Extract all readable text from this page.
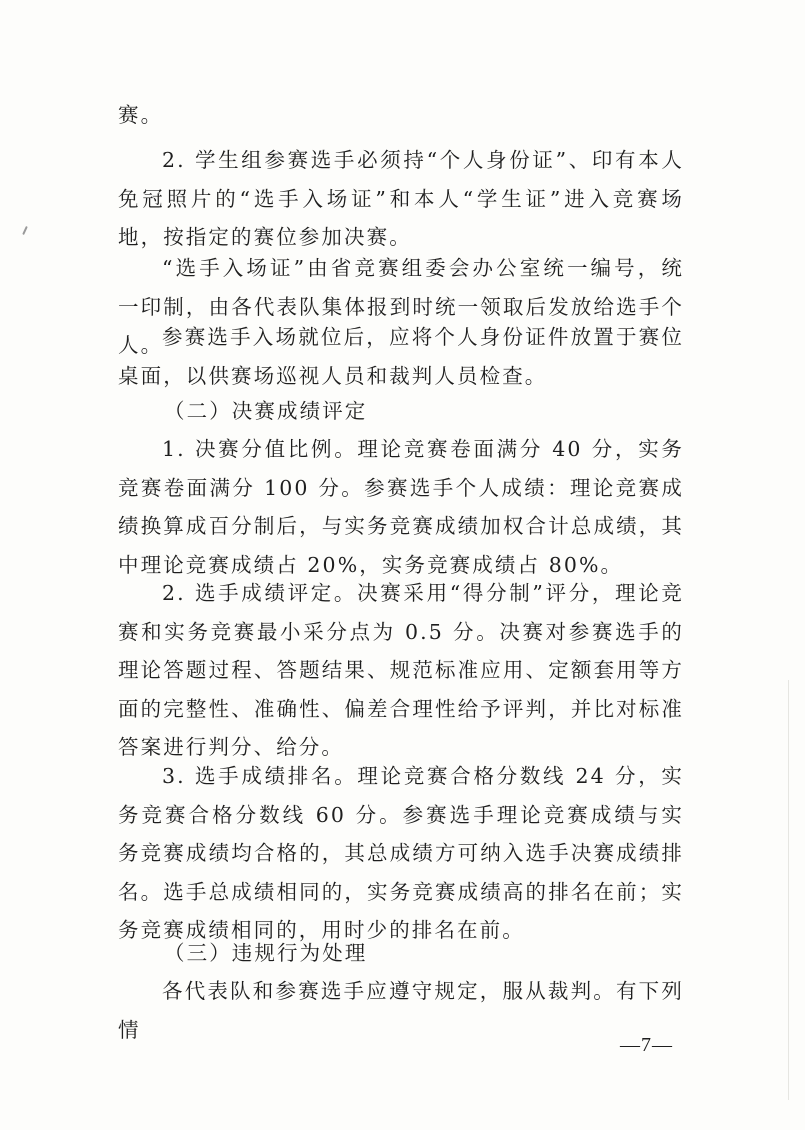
赛。

2. 学生组参赛选手必须持“个人身份证”、印有本人免冠照片的“选手入场证”和本人“学生证”进入竞赛场地，按指定的赛位参加决赛。

“选手入场证”由省竞赛组委会办公室统一编号，统一印制，由各代表队集体报到时统一领取后发放给选手个人。

参赛选手入场就位后，应将个人身份证件放置于赛位桌面，以供赛场巡视人员和裁判人员检查。

（二）决赛成绩评定

1. 决赛分值比例。理论竞赛卷面满分 40 分，实务竞赛卷面满分 100 分。参赛选手个人成绩：理论竞赛成绩换算成百分制后，与实务竞赛成绩加权合计总成绩，其中理论竞赛成绩占 20%，实务竞赛成绩占 80%。

2. 选手成绩评定。决赛采用“得分制”评分，理论竞赛和实务竞赛最小采分点为 0.5 分。决赛对参赛选手的理论答题过程、答题结果、规范标准应用、定额套用等方面的完整性、准确性、偏差合理性给予评判，并比对标准答案进行判分、给分。

3. 选手成绩排名。理论竞赛合格分数线 24 分，实务竞赛合格分数线 60 分。参赛选手理论竞赛成绩与实务竞赛成绩均合格的，其总成绩方可纳入选手决赛成绩排名。选手总成绩相同的，实务竞赛成绩高的排名在前；实务竞赛成绩相同的，用时少的排名在前。

（三）违规行为处理

各代表队和参赛选手应遵守规定，服从裁判。有下列情

—7—
